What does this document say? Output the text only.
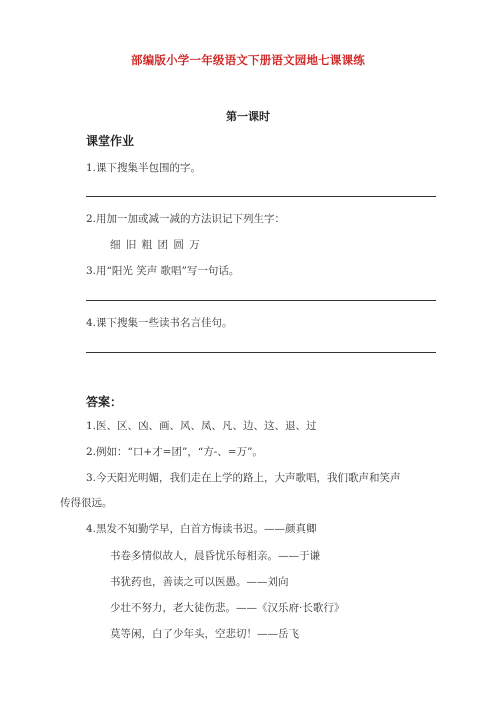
部编版小学一年级语文下册语文园地七课课练
第一课时
课堂作业
1.课下搜集半包围的字。
2.用加一加或减一减的方法识记下列生字：
细 旧 粗 团 圆 万
3.用“阳光 笑声 歌唱”写一句话。
4.课下搜集一些读书名言佳句。
答案：
1.医、区、凶、画、风、凤、凡、边、这、退、过
2.例如：“口+才=团”，“方-、=万”。
3.今天阳光明媚，我们走在上学的路上，大声歌唱，我们歌声和笑声
传得很远。
4.黑发不知勤学早，白首方悔读书迟。——颜真卿
书卷多情似故人，晨昏忧乐每相亲。——于谦
书犹药也，善读之可以医愚。——刘向
少壮不努力，老大徒伤悲。——《汉乐府·长歌行》
莫等闲，白了少年头，空悲切！——岳飞
